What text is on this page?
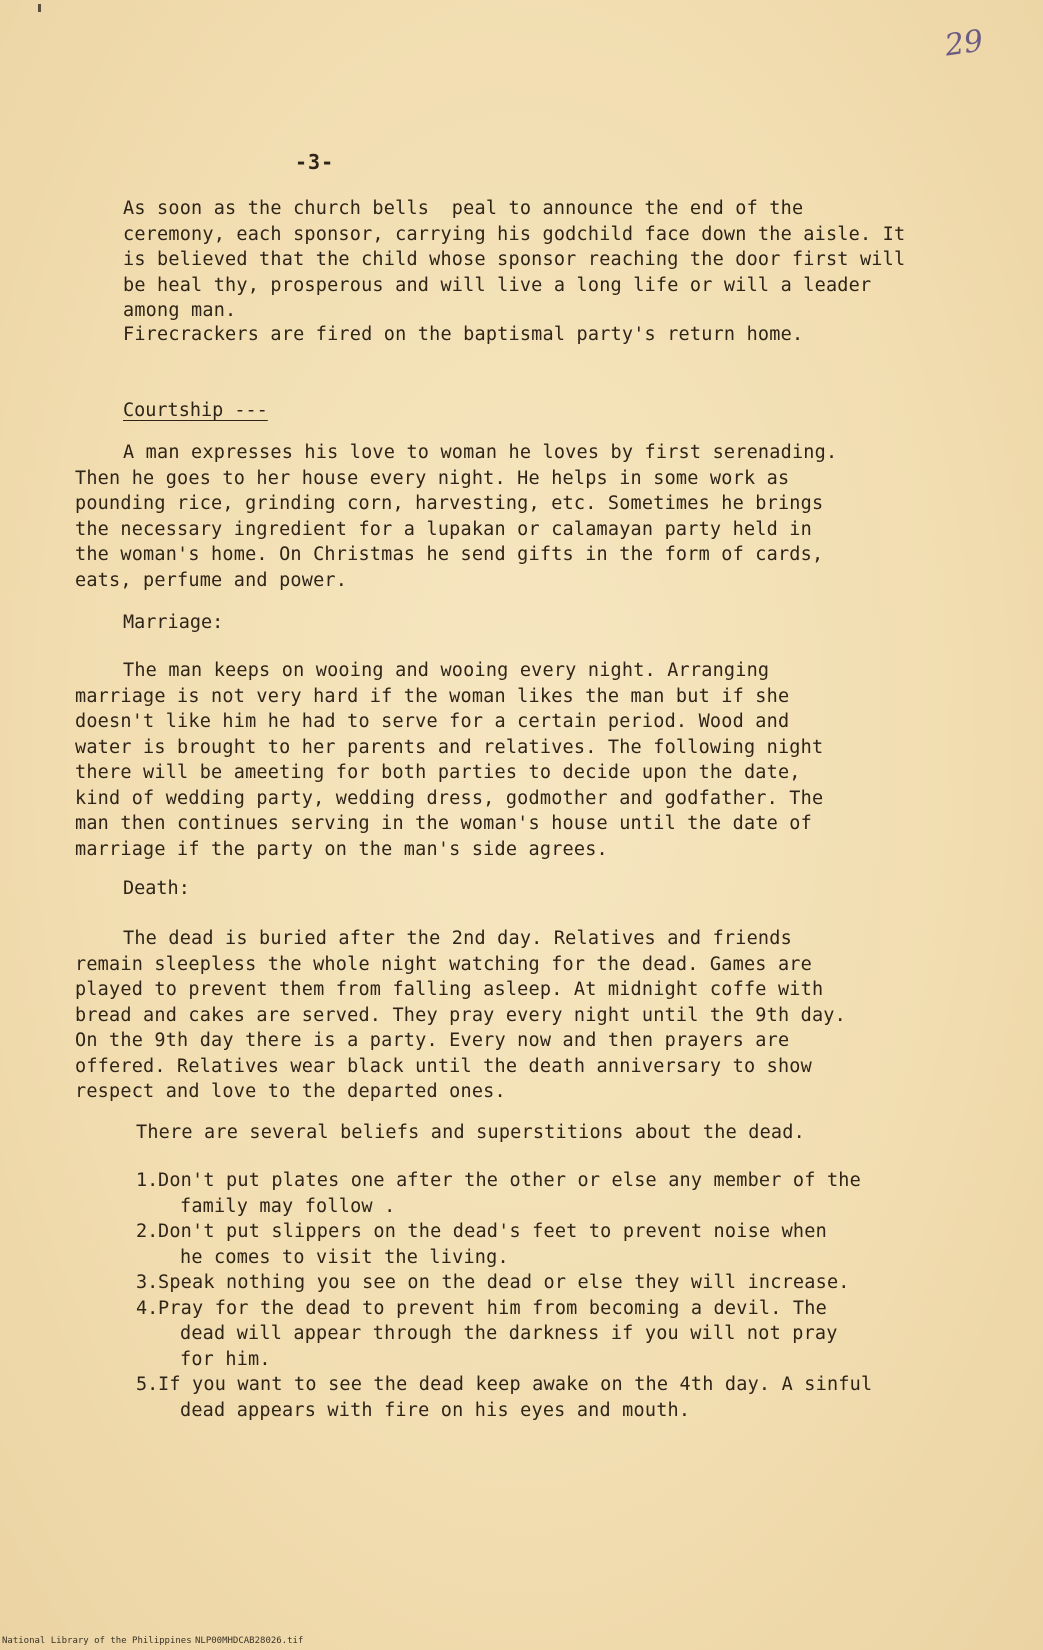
29

-3-

As soon as the church bells  peal to announce the end of the

ceremony, each sponsor, carrying his godchild face down the aisle. It

is believed that the child whose sponsor reaching the door first will

be heal thy, prosperous and will live a long life or will a leader

among man.

Firecrackers are fired on the baptismal party's return home.

Courtship ---

A man expresses his love to woman he loves by first serenading.

Then he goes to her house every night. He helps in some work as

pounding rice, grinding corn, harvesting, etc. Sometimes he brings

the necessary ingredient for a lupakan or calamayan party held in

the woman's home. On Christmas he send gifts in the form of cards,

eats, perfume and power.

Marriage:

The man keeps on wooing and wooing every night. Arranging

marriage is not very hard if the woman likes the man but if she

doesn't like him he had to serve for a certain period. Wood and

water is brought to her parents and relatives. The following night

there will be ameeting for both parties to decide upon the date,

kind of wedding party, wedding dress, godmother and godfather. The

man then continues serving in the woman's house until the date of

marriage if the party on the man's side agrees.

Death:

The dead is buried after the 2nd day. Relatives and friends

remain sleepless the whole night watching for the dead. Games are

played to prevent them from falling asleep. At midnight coffe with

bread and cakes are served. They pray every night until the 9th day.

On the 9th day there is a party. Every now and then prayers are

offered. Relatives wear black until the death anniversary to show

respect and love to the departed ones.

There are several beliefs and superstitions about the dead.

1. Don't put plates one after the other or else any member of the

family may follow .

2. Don't put slippers on the dead's feet to prevent noise when

he comes to visit the living.

3. Speak nothing you see on the dead or else they will increase.

4. Pray for the dead to prevent him from becoming a devil. The

dead will appear through the darkness if you will not pray

for him.

5. If you want to see the dead keep awake on the 4th day. A sinful

dead appears with fire on his eyes and mouth.

National Library of the Philippines NLP00MHDCAB28026.tif
